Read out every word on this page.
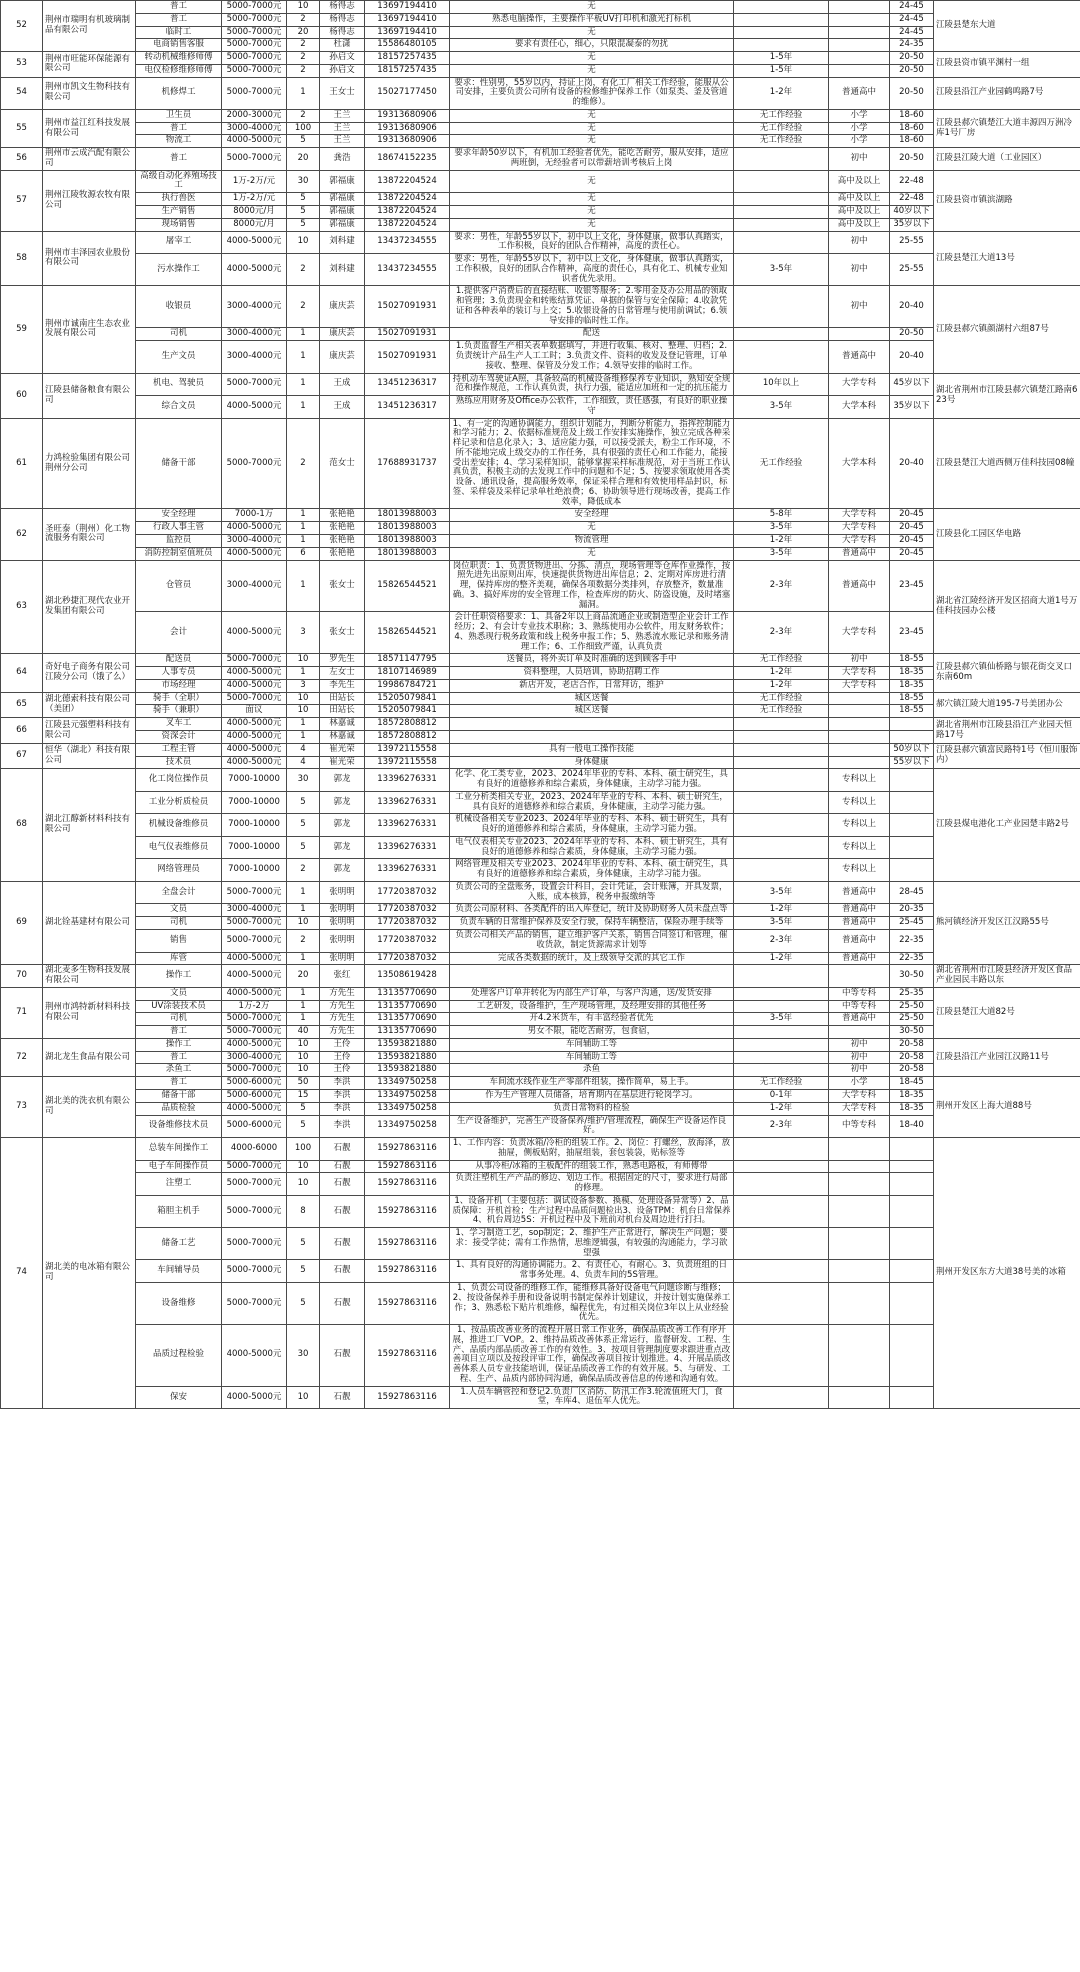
52	荆州市瑞明有机玻璃制品有限公司	普工	5000-7000元	10	杨得志	13697194410	无			24-45	江陵县楚东大道
		普工	5000-7000元	2	杨得志	13697194410	熟悉电脑操作，主要操作平板UV打印机和激光打标机			24-45	
		临时工	5000-7000元	20	杨得志	13697194410	无			24-45	
		电商销售客服	5000-7000元	2	杜潇	15586480105	要求有责任心，细心，只限混凝泰的勿扰			24-35	
53	荆州市旺能环保能源有限公司	转动机械维修师傅	5000-7000元	2	孙启文	18157257435	无	1-5年		20-50	江陵县资市镇平渊村一组
		电仪检修维修师傅	5000-7000元	2	孙启文	18157257435	无	1-5年		20-50	
54	荆州市凯文生物科技有限公司	机修焊工	5000-7000元	1	王女士	15027177450	要求：性别男，55岁以内，持证上岗，有化工厂相关工作经验，能服从公司安排，主要负责公司所有设备的检修维护保养工作（如泵类、釜及管道的维修）。	1-2年	普通高中	20-50	江陵县沿江产业园鹤鸣路7号
55	荆州市益江红科技发展有限公司	卫生员	2000-3000元	2	王兰	19313680906	无	无工作经验	小学	18-60	江陵县郝穴镇楚江大道丰源四万洲冷库1号厂房
		普工	3000-4000元	100	王兰	19313680906	无	无工作经验	小学	18-60	
		物流工	4000-5000元	5	王兰	19313680906	无	无工作经验	小学	18-60	
56	荆州市云成汽配有限公司	普工	5000-7000元	20	龚浩	18674152235	要求年龄50岁以下，有机加工经验者优先，能吃苦耐劳，服从安排，适应两班倒，无经验者可以带薪培训考核后上岗		初中	20-50	江陵县江陵大道（工业园区）
57	荆州江陵牧源农牧有限公司	高级自动化养殖场技工	1万-2万/元	30	郭福康	13872204524	无		高中及以上	22-48	江陵县资市镇滨湖路
		执行兽医	1万-2万/元	5	郭福康	13872204524	无		高中及以上	22-48	
		生产销售	8000元/月	5	郭福康	13872204524	无		高中及以上	40岁以下	
		现场销售	8000元/月	5	郭福康	13872204524	无		高中及以上	35岁以下	
58	荆州市丰泽园农业股份有限公司	屠宰工	4000-5000元	10	刘科建	13437234555	要求：男性，年龄55岁以下，初中以上文化，身体健康，做事认真踏实，工作积极，良好的团队合作精神，高度的责任心。		初中	25-55	江陵县楚江大道13号
		污水操作工	4000-5000元	2	刘科建	13437234555	要求：男性，年龄55岁以下，初中以上文化，身体健康，做事认真踏实，工作积极，良好的团队合作精神，高度的责任心，具有化工、机械专业知识者优先录用。	3-5年	初中	25-55	
59	荆州市诚南庄生态农业发展有限公司	收银员	3000-4000元	2	康庆芸	15027091931	1.提供客户消费后的直接结账、收银等服务；2.零用金及办公用品的领取和管理；3.负责现金和转账结算凭证、单据的保管与安全保障；4.收款凭证和各种表单的装订与上交；5.收银设备的日常管理与使用前调试；6.领导安排的临时性工作。		初中	20-40	江陵县郝穴镇颜湖村六组87号
		司机	3000-4000元	1	康庆芸	15027091931	配送			20-50	
		生产文员	3000-4000元	1	康庆芸	15027091931	1.负责监督生产相关表单数据填写，并进行收集、核对、整理、归档；2.负责统计产品生产人工工时；3.负责文件、资料的收发及登记管理，订单接收、整理、保管及分发工作；4.领导安排的临时工作。		普通高中	20-40	
60	江陵县储备粮食有限公司	机电、驾驶员	5000-7000元	1	王成	13451236317	持机动车驾驶证A照，具备较高的机械设备维修保养专业知识，熟知安全规范和操作规范，工作认真负责，执行力强，能适应加班和一定的抗压能力	10年以上	大学专科	45岁以下	湖北省荆州市江陵县郝穴镇楚江路南623号
		综合文员	4000-5000元	1	王成	13451236317	熟练应用财务及Office办公软件，工作细致，责任感强，有良好的职业操守	3-5年	大学本科	35岁以下	
61	力鸿检验集团有限公司荆州分公司	储备干部	5000-7000元	2	范女士	17688931737	1、有一定的沟通协调能力，组织计划能力，判断分析能力，指挥控制能力和学习能力；2、依据标准规范及上级工作安排实施操作，独立完成各种采样记录和信息化录入；3、适应能力强，可以接受派夫，粉尘工作环境，不所不能地完成上级交办的工作任务，具有很强的责任心和工作能力，能接受出差安排；4、学习采样知识，能够掌握采样标准规范，对于当班工作认真负责，积极主动的去发现工作中的问题和不足；5、按要求领取使用各类设备、通讯设备，提高服务效率，保证采样合理和有效使用样品封识，标签、采样袋及采样记录单杜绝浪费；6、协助领导进行现场改善，提高工作效率，降低成本	无工作经验	大学本科	20-40	江陵县楚江大道西侧万佳科技园08幢
62	圣旺泰（荆州）化工物流服务有限公司	安全经理	7000-1万	1	张艳艳	18013988003	安全经理	5-8年	大学专科	20-45	江陵县化工园区华电路
		行政人事主管	4000-5000元	1	张艳艳	18013988003	无	3-5年	大学专科	20-45	
		监控员	3000-4000元	1	张艳艳	18013988003	物流管理	1-2年	大学专科	20-45	
		消防控制室值班员	4000-5000元	6	张艳艳	18013988003	无	3-5年	普通高中	20-45	
63	湖北秒捷汇现代农业开发集团有限公司	仓管员	3000-4000元	1	张女士	15826544521	岗位职责：1、负责货物进出、分拣、清点，现场管理等仓库作业操作，按照先进先出原则出库，快速提供货物进出库信息；2、定期对库房进行清理，保持库房的整齐美观，确保各项数据分类排列，存放整齐，数量准确。3、搞好库房的安全管理工作，检查库房的防火、防盗设施，及时堵塞漏洞。	2-3年	普通高中	23-45	湖北省江陵经济开发区招商大道1号万佳科技园办公楼
		会计	4000-5000元	3	张女士	15826544521	会计任职资格要求：1、具备2年以上商品流通企业或制造型企业会计工作经历；2、有会计专业技术职称；3、熟练使用办公软件，用友财务软件；4、熟悉现行税务政策和线上税务申报工作；5、熟悉流水账记录和账务清理工作；6、工作细致严谨，认真负责	2-3年	大学专科	23-45	
64	奇好电子商务有限公司江陵分公司（饿了么）	配送员	5000-7000元	10	罗先生	18571147795	送餐员，将外卖订单及时准确的送到顾客手中	无工作经验	初中	18-55	江陵县郝穴镇仙桥路与银花街交叉口东南60m
		人事专员	4000-5000元	1	左女士	18107146989	资料整理，人员培训，协助招聘工作	1-2年	大学专科	18-35	
		市场经理	4000-5000元	3	李先生	19986784721	新店开发，老店合作，日常拜访，维护	1-2年	大学专科	18-35	
65	湖北德索科技有限公司（美团）	骑手（全职）	5000-7000元	10	田站长	15205079841	城区送餐	无工作经验		18-55	郝穴镇江陵大道195-7号美团办公
		骑手（兼职）	面议	10	田站长	15205079841	城区送餐	无工作经验		18-55	
66	江陵县元强塑料科技有限公司	叉车工	4000-5000元	1	林嘉诚	18572808812					湖北省荆州市江陵县沿江产业园天恒路17号
		资深会计	4000-5000元	1	林嘉诚	18572808812					
67	恒华（湖北）科技有限公司	工程主管	4000-5000元	4	崔光荣	13972115558	具有一般电工操作技能			50岁以下	江陵县郝穴镇富民路特1号（恒川服饰内）
		技术员	4000-5000元	4	崔光荣	13972115558	身体健康			55岁以下	
68	湖北江醇新材料科技有限公司	化工岗位操作员	7000-10000	30	郭龙	13396276331	化学、化工类专业，2023、2024年毕业的专科、本科、硕士研究生，具有良好的道德修养和综合素质，身体健康，主动学习能力强。		专科以上		江陵县煤电港化工产业园楚丰路2号
		工业分析质检员	7000-10000	5	郭龙	13396276331	工业分析类相关专业，2023、2024年毕业的专科、本科、硕士研究生，具有良好的道德修养和综合素质，身体健康，主动学习能力强。		专科以上		
		机械设备维修员	7000-10000	5	郭龙	13396276331	机械设备相关专业2023、2024年毕业的专科、本科、硕士研究生，具有良好的道德修养和综合素质，身体健康，主动学习能力强。		专科以上		
		电气仪表维修员	7000-10000	5	郭龙	13396276331	电气仪表相关专业2023、2024年毕业的专科、本科、硕士研究生，具有良好的道德修养和综合素质，身体健康，主动学习能力强。		专科以上		
		网络管理员	7000-10000	2	郭龙	13396276331	网络管理及相关专业2023、2024年毕业的专科、本科、硕士研究生，具有良好的道德修养和综合素质，身体健康，主动学习能力强。		专科以上		
69	湖北铨基建材有限公司	全盘会计	5000-7000元	1	张明明	17720387032	负责公司的全盘账务，设置会计科目，会计凭证，会计账簿，开具发票，入账，成本核算，税务申报缴纳等	3-5年	普通高中	28-45	熊河镇经济开发区江汉路55号
		文员	3000-4000元	1	张明明	17720387032	负责公司原材料、各类配件的出入库登记，统计及协助财务人员未盘点等	1-2年	普通高中	20-35	
		司机	5000-7000元	10	张明明	17720387032	负责车辆的日常维护保养及安全行驶，保持车辆整洁，保险办理手续等	3-5年	普通高中	25-45	
		销售	5000-7000元	2	张明明	17720387032	负责公司相关产品的销售，建立维护客户关系，销售合同签订和管理，催收货款，制定货源需求计划等	2-3年	普通高中	22-35	
		库管	4000-5000元	1	张明明	17720387032	完成各类数据的统计，及上级领导交派的其它工作	1-2年	普通高中	22-35	
70	湖北麦多生物科技发展有限公司	操作工	4000-5000元	20	张红	13508619428				30-50	湖北省荆州市江陵县经济开发区食品产业园民丰路以东
71	荆州市鸿特新材料科技有限公司	文员	4000-5000元	1	方先生	13135770690	处理客户订单并转化为内部生产订单，与客户沟通，送/发货安排		中等专科	25-35	江陵县楚江大道82号
		UV涂装技术员	1万-2万	1	方先生	13135770690	工艺研发，设备维护，生产现场管理，及经理安排的其他任务		中等专科	25-50	
		司机	5000-7000元	1	方先生	13135770690	开4.2米货车，有丰富经验者优先	3-5年	普通高中	25-50	
		普工	5000-7000元	40	方先生	13135770690	男女不限，能吃苦耐劳，包食宿，			30-50	
72	湖北龙生食品有限公司	操作工	4000-5000元	10	王伶	13593821880	车间辅助工等		初中	20-58	江陵县沿江产业园江汉路11号
		普工	3000-4000元	10	王伶	13593821880	车间辅助工等		初中	20-58	
		杀鱼工	5000-7000元	10	王伶	13593821880	杀鱼		初中	20-58	
73	湖北美的洗衣机有限公司	普工	5000-6000元	50	李洪	13349750258	车间流水线作业生产零部件组装，操作简单，易上手。	无工作经验	小学	18-45	荆州开发区上海大道88号
		储备干部	5000-6000元	15	李洪	13349750258	作为生产管理人员储备，培育期内在基层进行轮岗学习。	0-1年	大学专科	18-35	
		品质检验	4000-5000元	5	李洪	13349750258	负责日常物料的检验	1-2年	大学专科	18-35	
		设备维修技术员	5000-6000元	5	李洪	13349750258	生产设备维护，完善生产设备保养/维护/管理流程，确保生产设备运作良好。	2-3年	中等专科	18-40	
74	湖北美的电冰箱有限公司	总装车间操作工	4000-6000	100	石靓	15927863116	1、工作内容：负责冰箱/冷柜的组装工作。2、岗位：打螺丝，放海泽，放抽屉，侧板贴附，抽屉组装，套包装袋，贴标签等				荆州开发区东方大道38号美的冰箱
		电子车间操作员	5000-7000元	10	石靓	15927863116	从事冷柜/冰箱的主板配件的组装工作，熟悉电路板，有师傅带				
		注塑工	5000-7000元	10	石靓	15927863116	负责注塑机生产产品的修边、划边工作。根据固定的尺寸，要求进行局部的修理。				
		箱胆主机手	5000-7000元	8	石靓	15927863116	1、设备开机（主要包括：调试设备参数、换模、处理设备异常等）2、品质保障：开机首检；生产过程中品质问题检出3、设备TPM：机台日常保养4、机台周边5S：开机过程中及下班前对机台及周边进行打扫。				
		储备工艺	5000-7000元	5	石靓	15927863116	1、学习制造工艺，sop制定；2、维护生产正常进行，解决生产问题；要求：接受学徒；需有工作热情，思维逻辑强，有较强的沟通能力，学习欲望强				
		车间辅导员	5000-7000元	5	石靓	15927863116	1、具有良好的沟通协调能力。2、有责任心，有耐心。3、负责班组的日常事务处理。4、负责车间的5S管理。				
		设备维修	5000-7000元	5	石靓	15927863116	1、负责公司设备的维修工作，能维修具备好设备电气问题诊断与维修；2、按设备保养手册和设备说明书制定保养计划建议，并按计划实施保养工作；3、熟悉松下贴片机维修，编程优先，有过相关岗位3年以上从业经验优先。				
		品质过程检验	4000-5000元	30	石靓	15927863116	1、按品质改善业务的流程开展日常工作业务，确保品质改善工作有序开展，推进工厂VOP。2、维持品质改善体系正常运行，监督研发、工程、生产、品质内部品质改善工作的有效性。3、按项目管理制度要求跟进重点改善项目立项以及按段评审工作，确保改善项目按计划推进。4、开展品质改善体系人员专业技能培训，保证品质改善工作的有效开展。5、与研发、工程、生产、品质内部协同沟通，确保品质改善信息的传递和沟通有效。				
		保安	4000-5000元	10	石靓	15927863116	1.人员车辆管控和登记2.负责厂区消防、防汛工作3.轮流值班大门，食堂，车库4、退伍军人优先。				
